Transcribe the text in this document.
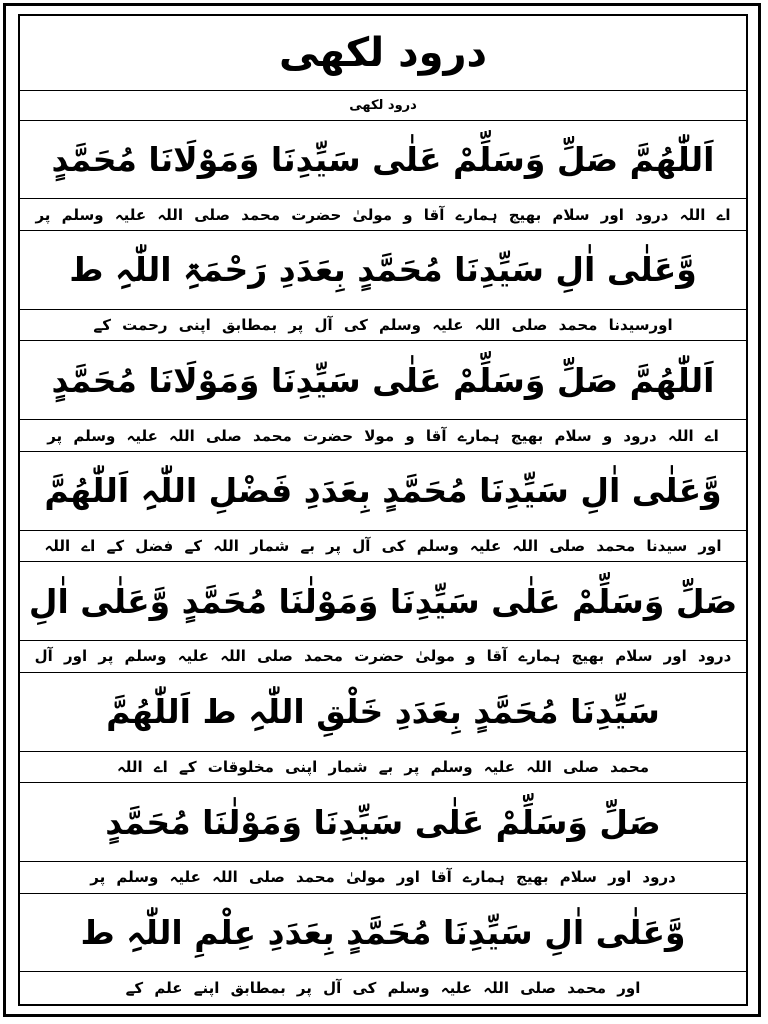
درود لکھی
درود لکھی
اَللّٰھُمَّ صَلِّ وَسَلِّمْ عَلٰی سَیِّدِنَا وَمَوْلَانَا مُحَمَّدٍ
اے اللہ درود اور سلام بھیج ہمارے آقا و مولیٰ حضرت محمد صلی اللہ علیہ وسلم پر
وَّعَلٰی اٰلِ سَیِّدِنَا مُحَمَّدٍ بِعَدَدِ رَحْمَۃِ اللّٰہِ ط
اورسیدنا محمد صلی اللہ علیہ وسلم کی آل پر بمطابق اپنی رحمت کے
اَللّٰھُمَّ صَلِّ وَسَلِّمْ عَلٰی سَیِّدِنَا وَمَوْلَانَا مُحَمَّدٍ
اے اللہ درود و سلام بھیج ہمارے آقا و مولا حضرت محمد صلی اللہ علیہ وسلم پر
وَّعَلٰی اٰلِ سَیِّدِنَا مُحَمَّدٍ بِعَدَدِ فَضْلِ اللّٰہِ اَللّٰھُمَّ
اور سیدنا محمد صلی اللہ علیہ وسلم کی آل پر بے شمار اللہ کے فضل کے اے اللہ
صَلِّ وَسَلِّمْ عَلٰی سَیِّدِنَا وَمَوْلٰنَا مُحَمَّدٍ وَّعَلٰی اٰلِ
درود اور سلام بھیج ہمارے آقا و مولیٰ حضرت محمد صلی اللہ علیہ وسلم پر اور آل
سَیِّدِنَا مُحَمَّدٍ بِعَدَدِ خَلْقِ اللّٰہِ ط اَللّٰھُمَّ
محمد صلی اللہ علیہ وسلم پر بے شمار اپنی مخلوقات کے اے اللہ
صَلِّ وَسَلِّمْ عَلٰی سَیِّدِنَا وَمَوْلٰنَا مُحَمَّدٍ
درود اور سلام بھیج ہمارے آقا اور مولیٰ محمد صلی اللہ علیہ وسلم پر
وَّعَلٰی اٰلِ سَیِّدِنَا مُحَمَّدٍ بِعَدَدِ عِلْمِ اللّٰہِ ط
اور محمد صلی اللہ علیہ وسلم کی آل پر بمطابق اپنے علم کے
